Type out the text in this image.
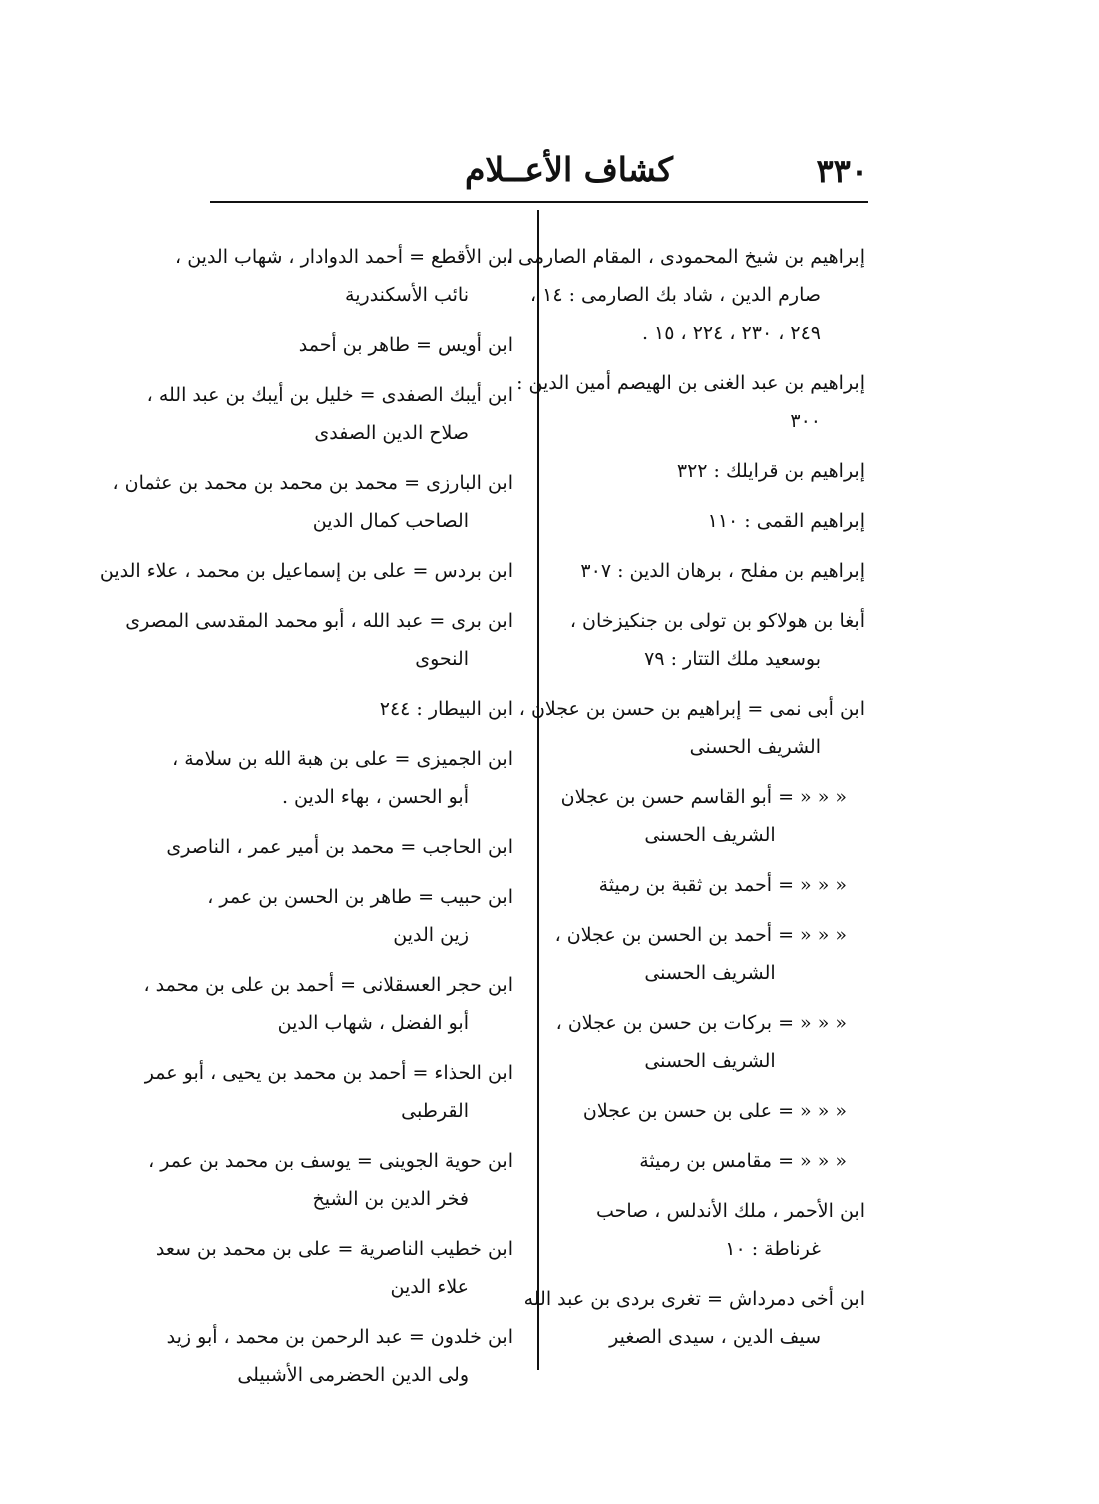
٣٣٠
كشاف الأعــلام
إبراهيم بن شيخ المحمودى ، المقام الصارمى ،
صارم الدين ، شاد بك الصارمى : ١٤ ،
٢٤٩ ، ٢٣٠ ، ٢٢٤ ، ١٥ .
إبراهيم بن عبد الغنى بن الهيصم أمين الدين :
٣٠٠
إبراهيم بن قرايلك : ٣٢٢
إبراهيم القمى : ١١٠
إبراهيم بن مفلح ، برهان الدين : ٣٠٧
أبغا بن هولاكو بن تولى بن جنكيزخان ،
بوسعيد ملك التتار : ٧٩
ابن أبى نمى = إبراهيم بن حسن بن عجلان ،
الشريف الحسنى
« « « = أبو القاسم حسن بن عجلان
الشريف الحسنى
« « « = أحمد بن ثقبة بن رميثة
« « « = أحمد بن الحسن بن عجلان ،
الشريف الحسنى
« « « = بركات بن حسن بن عجلان ،
الشريف الحسنى
« « « = على بن حسن بن عجلان
« « « = مقامس بن رميثة
ابن الأحمر ، ملك الأندلس ، صاحب
غرناطة : ١٠
ابن أخى دمرداش = تغرى بردى بن عبد الله
سيف الدين ، سيدى الصغير
ابن الأقطع = أحمد الدوادار ، شهاب الدين ،
نائب الأسكندرية
ابن أويس = طاهر بن أحمد
ابن أيبك الصفدى = خليل بن أيبك بن عبد الله ،
صلاح الدين الصفدى
ابن البارزى = محمد بن محمد بن محمد بن عثمان ،
الصاحب كمال الدين
ابن بردس = على بن إسماعيل بن محمد ، علاء الدين
ابن برى = عبد الله ، أبو محمد المقدسى المصرى
النحوى
ابن البيطار : ٢٤٤
ابن الجميزى = على بن هبة الله بن سلامة ،
أبو الحسن ، بهاء الدين .
ابن الحاجب = محمد بن أمير عمر ، الناصرى
ابن حبيب = طاهر بن الحسن بن عمر ،
زين الدين
ابن حجر العسقلانى = أحمد بن على بن محمد ،
أبو الفضل ، شهاب الدين
ابن الحذاء = أحمد بن محمد بن يحيى ، أبو عمر
القرطبى
ابن حوية الجوينى = يوسف بن محمد بن عمر ،
فخر الدين بن الشيخ
ابن خطيب الناصرية = على بن محمد بن سعد
علاء الدين
ابن خلدون = عبد الرحمن بن محمد ، أبو زيد
ولى الدين الحضرمى الأشبيلى
